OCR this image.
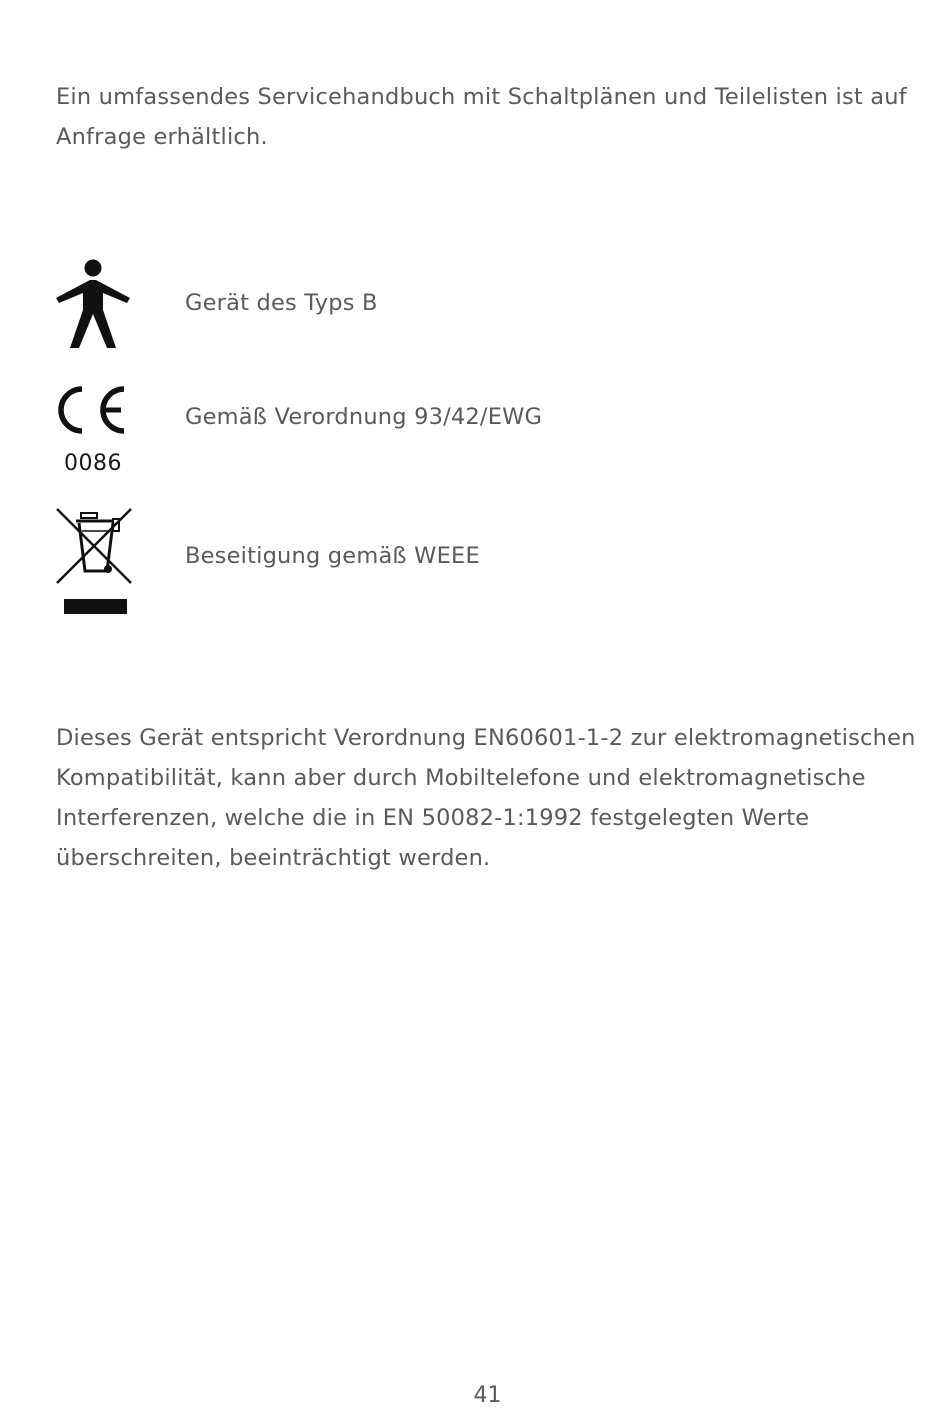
Ein umfassendes Servicehandbuch mit Schaltplänen und Teilelisten ist auf Anfrage erhältlich.

Gerät des Typs B
0086
Gemäß Verordnung 93/42/EWG
Beseitigung gemäß WEEE

Dieses Gerät entspricht Verordnung EN60601-1-2 zur elektromagnetischen Kompatibilität, kann aber durch Mobiltelefone und elektromagnetische Interferenzen, welche die in EN 50082-1:1992 festgelegten Werte überschreiten, beeinträchtigt werden.

41
